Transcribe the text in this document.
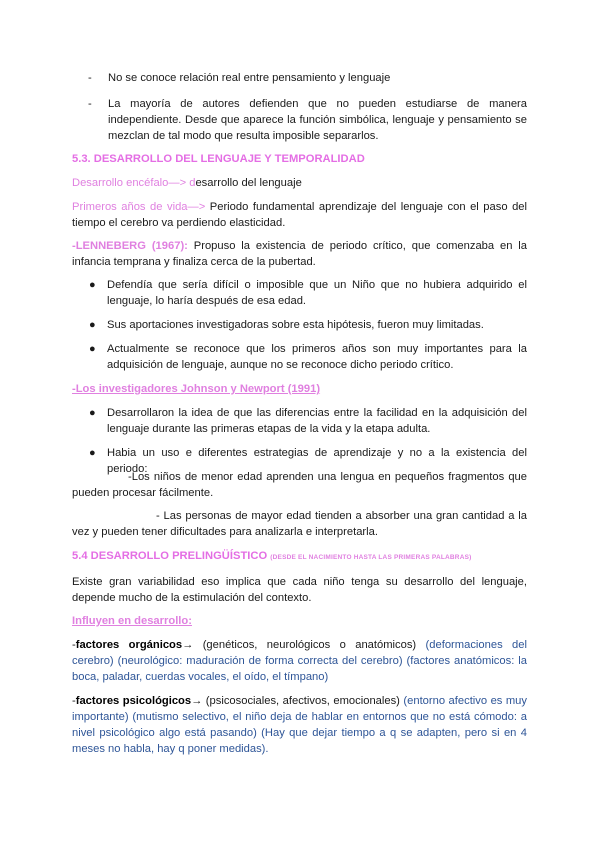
- No se conoce relación real entre pensamiento y lenguaje
- La mayoría de autores defienden que no pueden estudiarse de manera independiente. Desde que aparece la función simbólica, lenguaje y pensamiento se mezclan de tal modo que resulta imposible separarlos.
5.3. DESARROLLO DEL LENGUAJE Y TEMPORALIDAD
Desarrollo encéfalo—> desarrollo del lenguaje
Primeros años de vida—> Periodo fundamental aprendizaje del lenguaje con el paso del tiempo el cerebro va perdiendo elasticidad.
-LENNEBERG (1967): Propuso la existencia de periodo crítico, que comenzaba en la infancia temprana y finaliza cerca de la pubertad.
● Defendía que sería difícil o imposible que un Niño que no hubiera adquirido el lenguaje, lo haría después de esa edad.
● Sus aportaciones investigadoras sobre esta hipótesis, fueron muy limitadas.
● Actualmente se reconoce que los primeros años son muy importantes para la adquisición de lenguaje, aunque no se reconoce dicho periodo crítico.
-Los investigadores Johnson y Newport (1991)
● Desarrollaron la idea de que las diferencias entre la facilidad en la adquisición del lenguaje durante las primeras etapas de la vida y la etapa adulta.
● Habia un uso e diferentes estrategias de aprendizaje y no a la existencia del periodo:
-Los niños de menor edad aprenden una lengua en pequeños fragmentos que pueden procesar fácilmente.
- Las personas de mayor edad tienden a absorber una gran cantidad a la vez y pueden tener dificultades para analizarla e interpretarla.
5.4 DESARROLLO PRELINGÜÍSTICO (DESDE EL NACIMIENTO HASTA LAS PRIMERAS PALABRAS)
Existe gran variabilidad eso implica que cada niño tenga su desarrollo del lenguaje, depende mucho de la estimulación del contexto.
Influyen en desarrollo:
-factores orgánicos→ (genéticos, neurológicos o anatómicos) (deformaciones del cerebro) (neurológico: maduración de forma correcta del cerebro) (factores anatómicos: la boca, paladar, cuerdas vocales, el oído, el tímpano)
-factores psicológicos→ (psicosociales, afectivos, emocionales) (entorno afectivo es muy importante) (mutismo selectivo, el niño deja de hablar en entornos que no está cómodo: a nivel psicológico algo está pasando) (Hay que dejar tiempo a q se adapten, pero si en 4 meses no habla, hay q poner medidas).
